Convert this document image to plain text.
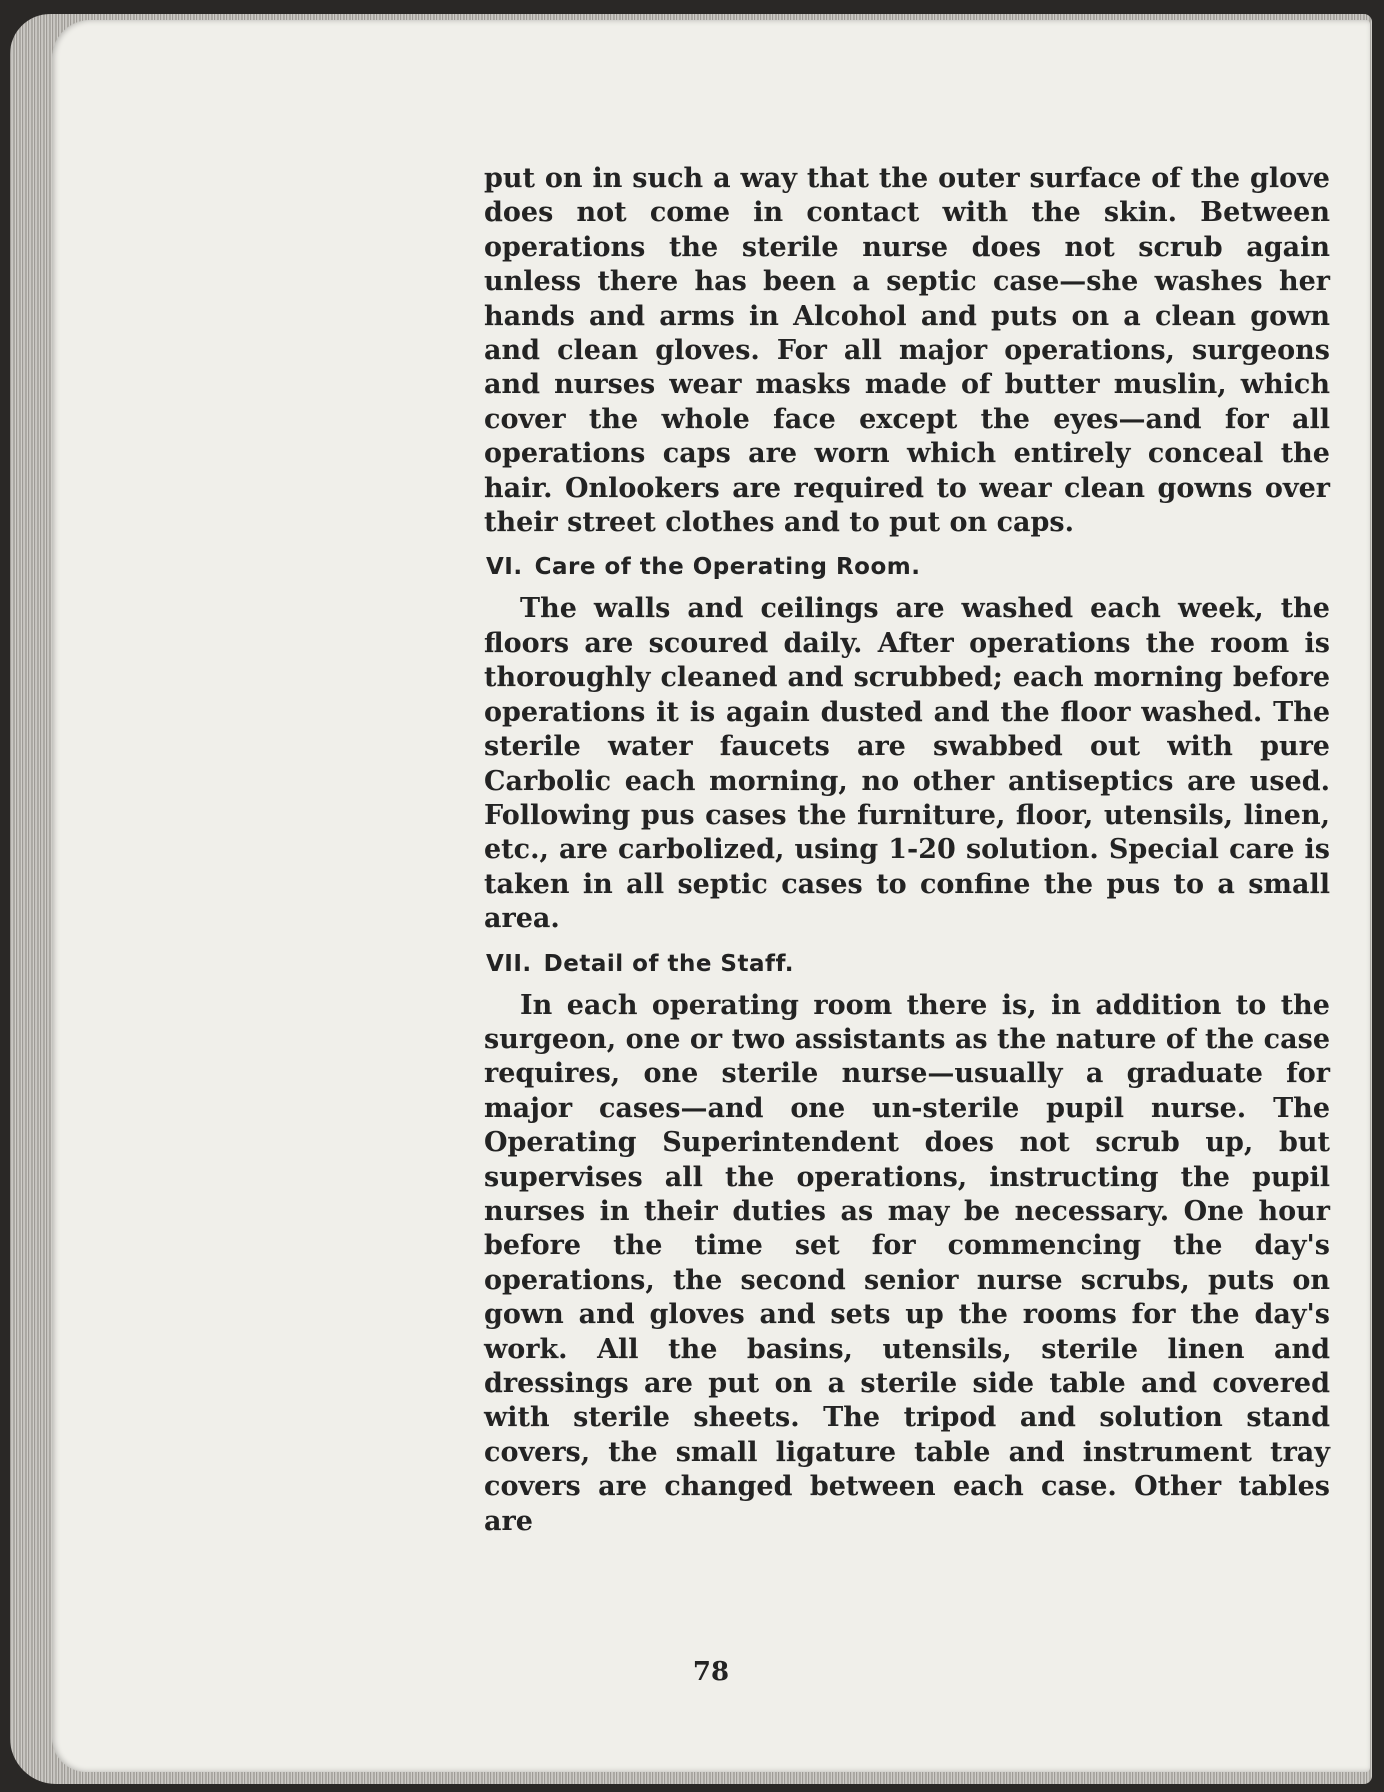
put on in such a way that the outer surface of the glove does not come in contact with the skin. Between operations the sterile nurse does not scrub again unless there has been a septic case—she washes her hands and arms in Alcohol and puts on a clean gown and clean gloves. For all major operations, surgeons and nurses wear masks made of butter muslin, which cover the whole face except the eyes—and for all operations caps are worn which entirely conceal the hair. Onlookers are required to wear clean gowns over their street clothes and to put on caps.

VI. Care of the Operating Room.

The walls and ceilings are washed each week, the floors are scoured daily. After operations the room is thoroughly cleaned and scrubbed; each morning before operations it is again dusted and the floor washed. The sterile water faucets are swabbed out with pure Carbolic each morning, no other antiseptics are used. Following pus cases the furniture, floor, utensils, linen, etc., are carbolized, using 1-20 solution. Special care is taken in all septic cases to confine the pus to a small area.

VII. Detail of the Staff.

In each operating room there is, in addition to the surgeon, one or two assistants as the nature of the case requires, one sterile nurse—usually a graduate for major cases—and one un-sterile pupil nurse. The Operating Superintendent does not scrub up, but supervises all the operations, instructing the pupil nurses in their duties as may be necessary. One hour before the time set for commencing the day's operations, the second senior nurse scrubs, puts on gown and gloves and sets up the rooms for the day's work. All the basins, utensils, sterile linen and dressings are put on a sterile side table and covered with sterile sheets. The tripod and solution stand covers, the small ligature table and instrument tray covers are changed between each case. Other tables are

78
